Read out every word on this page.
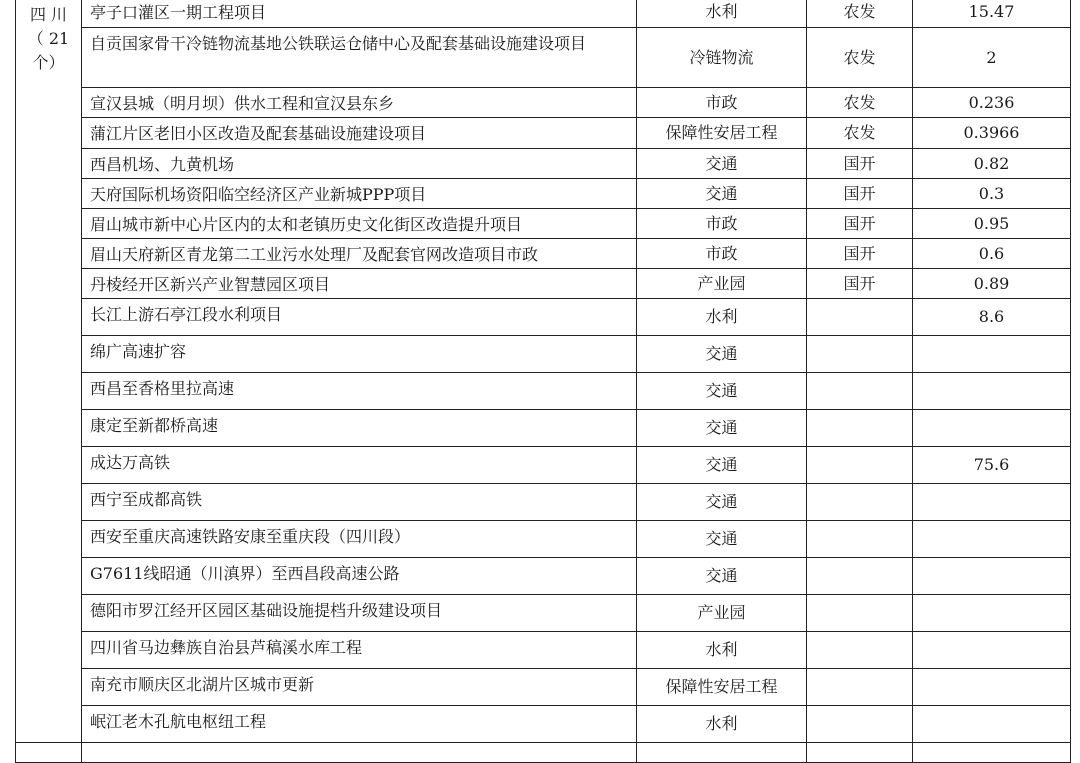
四 川
（ 21
个）	亭子口灌区一期工程项目	水利	农发	15.47
	自贡国家骨干冷链物流基地公铁联运仓储中心及配套基础设施建设项目	冷链物流	农发	2
	宣汉县城（明月坝）供水工程和宣汉县东乡	市政	农发	0.236
	蒲江片区老旧小区改造及配套基础设施建设项目	保障性安居工程	农发	0.3966
	西昌机场、九黄机场	交通	国开	0.82
	天府国际机场资阳临空经济区产业新城PPP项目	交通	国开	0.3
	眉山城市新中心片区内的太和老镇历史文化街区改造提升项目	市政	国开	0.95
	眉山天府新区青龙第二工业污水处理厂及配套官网改造项目市政	市政	国开	0.6
	丹棱经开区新兴产业智慧园区项目	产业园	国开	0.89
	长江上游石亭江段水利项目	水利		8.6
	绵广高速扩容	交通		
	西昌至香格里拉高速	交通		
	康定至新都桥高速	交通		
	成达万高铁	交通		75.6
	西宁至成都高铁	交通		
	西安至重庆高速铁路安康至重庆段（四川段）	交通		
	G7611线昭通（川滇界）至西昌段高速公路	交通		
	德阳市罗江经开区园区基础设施提档升级建设项目	产业园		
	四川省马边彝族自治县芦稿溪水库工程	水利		
	南充市顺庆区北湖片区城市更新	保障性安居工程		
	岷江老木孔航电枢纽工程	水利		
